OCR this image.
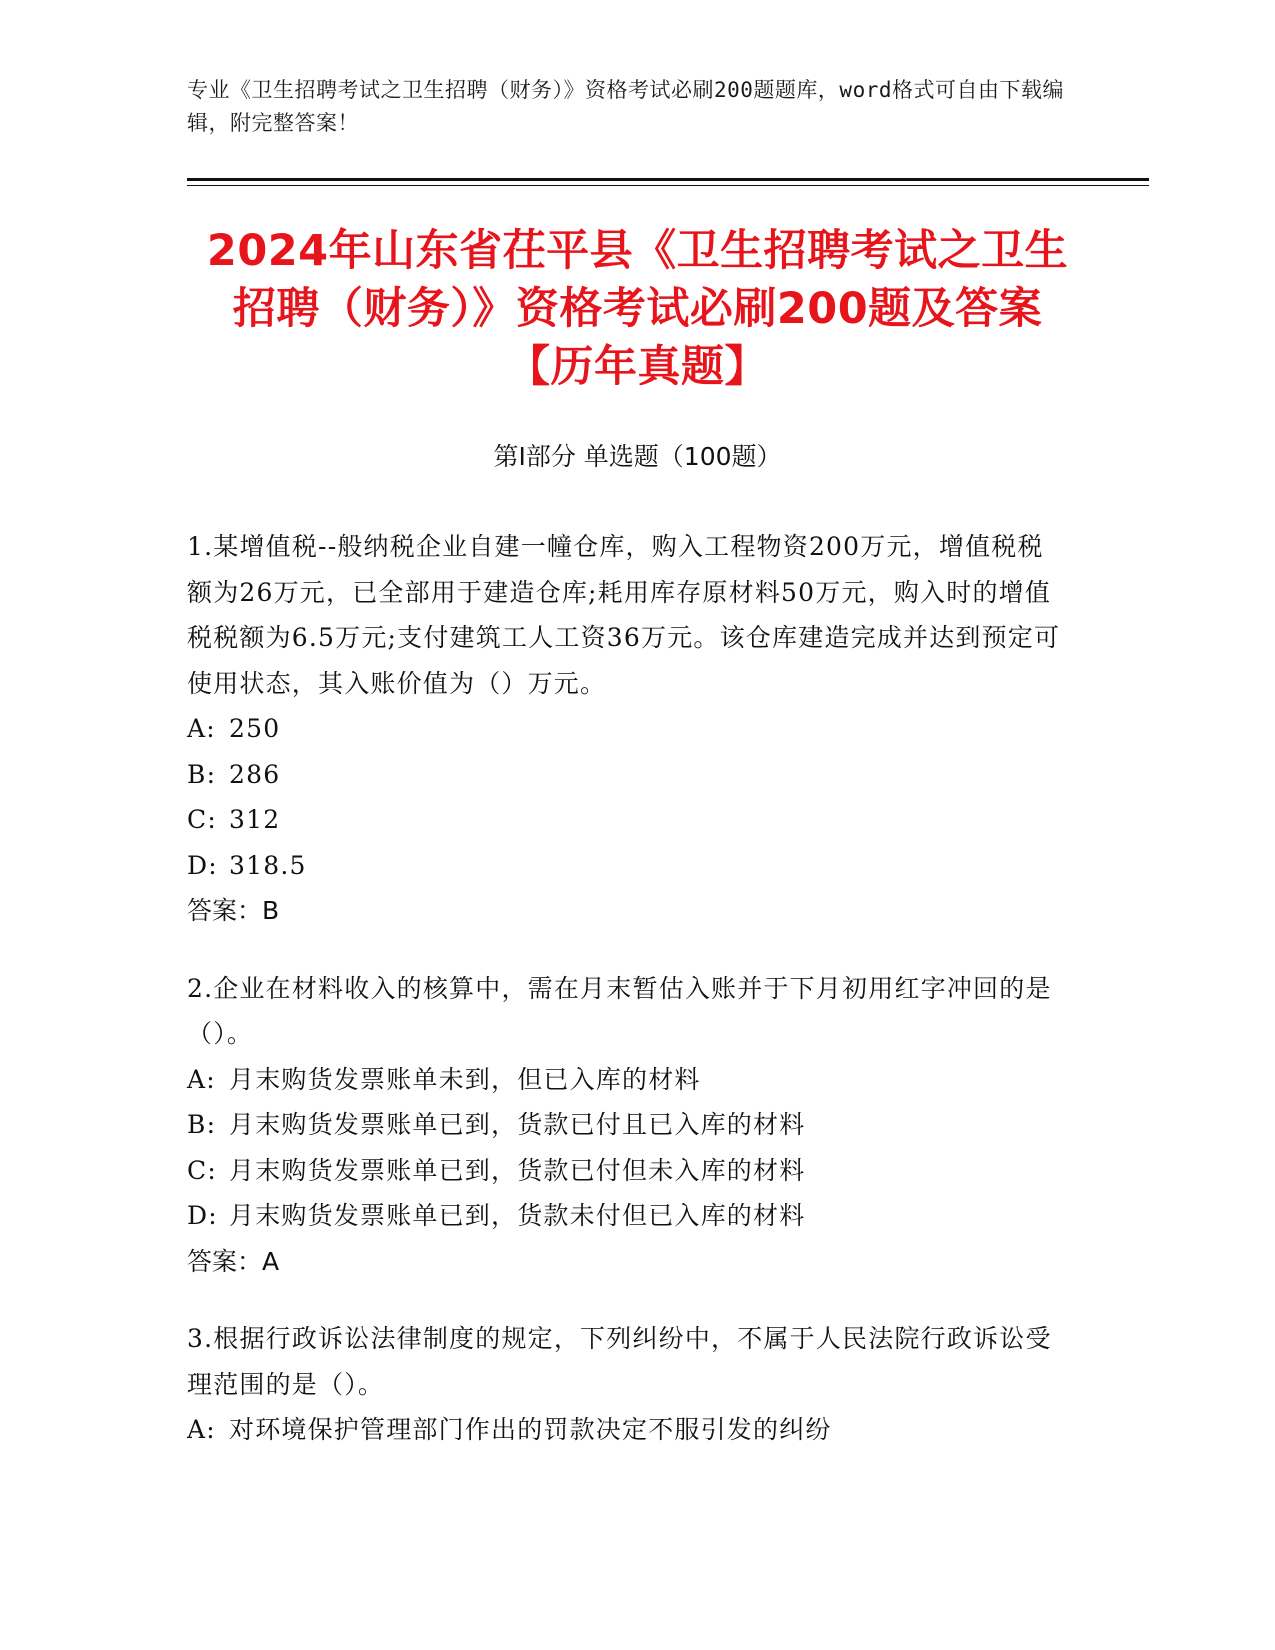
专业《卫生招聘考试之卫生招聘（财务）》资格考试必刷200题题库，word格式可自由下载编辑，附完整答案！
2024年山东省茌平县《卫生招聘考试之卫生
招聘（财务）》资格考试必刷200题及答案
【历年真题】
第Ⅰ部分 单选题（100题）

1.某增值税--般纳税企业自建一幢仓库，购入工程物资200万元，增值税税额为26万元，已全部用于建造仓库;耗用库存原材料50万元，购入时的增值税税额为6.5万元;支付建筑工人工资36万元。该仓库建造完成并达到预定可使用状态，其入账价值为（）万元。

A: 250
B: 286
C: 312
D: 318.5
答案：B

2.企业在材料收入的核算中，需在月末暂估入账并于下月初用红字冲回的是（）。

A: 月末购货发票账单未到，但已入库的材料
B: 月末购货发票账单已到，货款已付且已入库的材料
C: 月末购货发票账单已到，货款已付但未入库的材料
D: 月末购货发票账单已到，货款未付但已入库的材料
答案：A

3.根据行政诉讼法律制度的规定，下列纠纷中，不属于人民法院行政诉讼受理范围的是（）。

A: 对环境保护管理部门作出的罚款决定不服引发的纠纷
